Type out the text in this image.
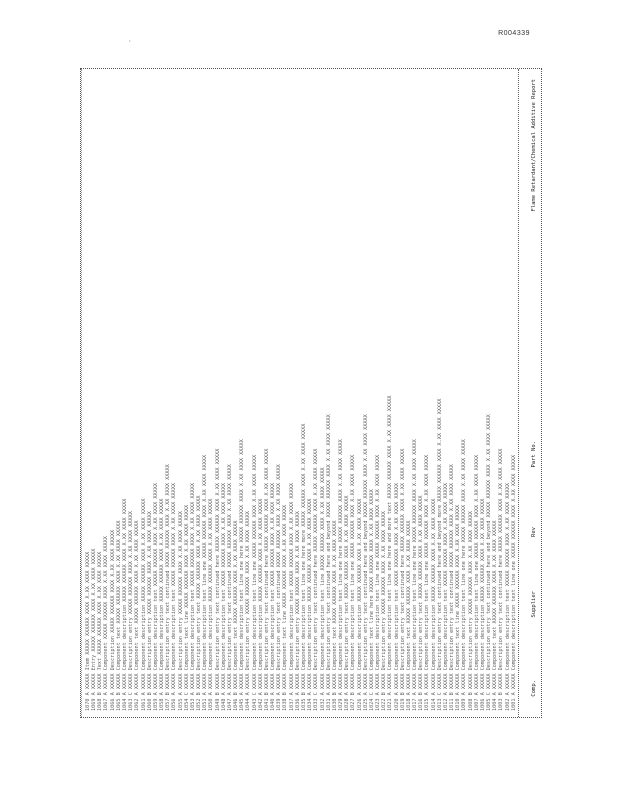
R004339
·
Flame Retardant/Chemical Additive Report
Part No.
Rev
Supplier
Comp.
1001 A XXXXX Component description text line one XXXXX XXXXXX XXXX X.XX XXXX XXXXX
1002 A XXXXX Component description text XXXXX XXXXXX XXXX X.XX XXXX XXXXX
1003 B XXXXX Description entry text continued here XXXXX XXXXXX XXXX X.XX XXXX XXXXX
1004 A XXXXX Component text XXXXX XXXXXX XXXX X.XX XXXX XXXXX
1005 C XXXXX Description entry text continued here and beyond XXXXX XXXXXX XXXX X.XX XXXX XXXXX
1006 A XXXXX Component description XXXXX XXXXXX XXXX X.XX XXXX XXXXX
1007 A XXXXX Component description text line one XXXXX XXXXXX XXXX X.XX XXXX XXXXX
1008 B XXXXX Description entry XXXXX XXXXXX XXXX X.XX XXXX XXXXX
1009 A XXXXX Component description text line one here XXXXX XXXXXX XXXX X.XX XXXX XXXXX
1010 A XXXXX Component text line XXXXX XXXXXX XXXX X.XX XXXX XXXXX
1011 B XXXXX Description entry text continued XXXXX XXXXXX XXXX X.XX XXXX XXXXX
1012 A XXXXX Component description text XXXXX XXXXXX XXXX X.XX XXXX XXXXX
1013 C XXXXX Description entry text continued here and beyond more XXXXX XXXXXX XXXX X.XX XXXX XXXXX
1014 A XXXXX Component description XXXXX XXXXXX XXXX X.XX XXXX XXXXX
1015 A XXXXX Component description text line one XXXXX XXXXXX XXXX X.XX XXXX XXXXX
1016 B XXXXX Description entry text XXXXX XXXXXX XXXX X.XX XXXX XXXXX
1017 A XXXXX Component description text line one here XXXXX XXXXXX XXXX X.XX XXXX XXXXX
1018 A XXXXX Component text XXXXX XXXXXX XXXX X.XX XXXX XXXXX
1019 B XXXXX Description entry text continued here XXXXX XXXXXX XXXX X.XX XXXX XXXXX
1020 A XXXXX Component description text XXXXX XXXXXX XXXX X.XX XXXX XXXXX
1021 A XXXXX Component description text line one here and more text XXXXX XXXXXX XXXX X.XX XXXX XXXXX
1022 B XXXXX Description entry XXXXX XXXXXX XXXX X.XX XXXX XXXXX
1023 A XXXXX Component description text line one XXXXX XXXXXX XXXX X.XX XXXX XXXXX
1024 C XXXXX Component text line here XXXXX XXXXXX XXXX X.XX XXXX XXXXX
1025 A XXXXX Description entry text continued here and beyond XXXXX XXXXXX XXXX X.XX XXXX XXXXX
1026 A XXXXX Component description XXXXX XXXXXX XXXX X.XX XXXX XXXXX
1027 B XXXXX Component description text line one XXXXX XXXXXX XXXX X.XX XXXX XXXXX
1028 A XXXXX Description entry text XXXXX XXXXXX XXXX X.XX XXXX XXXXX
1029 A XXXXX Component description text line one here XXXXX XXXXXX XXXX X.XX XXXX XXXXX
1030 B XXXXX Component text XXXXX XXXXXX XXXX X.XX XXXX XXXXX
1031 A XXXXX Description entry text continued here and beyond XXXXX XXXXXX XXXX X.XX XXXX XXXXX
1032 A XXXXX Component description text line XXXXX XXXXXX XXXX X.XX XXXX XXXXX
1033 C XXXXX Description entry text continued here XXXXX XXXXXX XXXX X.XX XXXX XXXXX
1034 A XXXXX Component description XXXXX XXXXXX XXXX X.XX XXXX XXXXX
1035 B XXXXX Component description text line one here more XXXXX XXXXXX XXXX X.XX XXXX XXXXX
1036 A XXXXX Description entry XXXXX XXXXXX XXXX X.XX XXXX XXXXX
1037 A XXXXX Component description text XXXXX XXXXXX XXXX X.XX XXXX XXXXX
1038 B XXXXX Component text line XXXXX XXXXXX XXXX X.XX XXXX XXXXX
1039 A XXXXX Description entry text continued XXXXX XXXXXX XXXX X.XX XXXX XXXXX
1040 A XXXXX Component description text XXXXX XXXXXX XXXX X.XX XXXX XXXXX
1041 B XXXXX Description entry text continued here XXXXX XXXXXX XXXX X.XX XXXX XXXXX
1042 A XXXXX Component description XXXXX XXXXXX XXXX X.XX XXXX XXXXX
1043 C XXXXX Component description text line one XXXXX XXXXXX XXXX X.XX XXXX XXXXX
1044 A XXXXX Description entry XXXXX XXXXXX XXXX X.XX XXXX XXXXX
1045 A XXXXX Component description text line one here XXXXX XXXXXX XXXX X.XX XXXX XXXXX
1046 B XXXXX Component text XXXXX XXXXXX XXXX X.XX XXXX XXXXX
1047 A XXXXX Description entry text continued XXXXX XXXXXX XXXX X.XX XXXX XXXXX
1048 A XXXXX Component description text XXXXX XXXXXX XXXX X.XX XXXX XXXXX
1049 B XXXXX Description entry text continued here XXXXX XXXXXX XXXX X.XX XXXX XXXXX
1050 A XXXXX Component description XXXXX XXXXXX XXXX X.XX XXXX XXXXX
1051 A XXXXX Component description text line one XXXXX XXXXXX XXXX X.XX XXXX XXXXX
1052 B XXXXX Description entry text XXXXX XXXXXX XXXX X.XX XXXX XXXXX
1053 A XXXXX Component description text XXXXX XXXXXX XXXX X.XX XXXX XXXXX
1054 C XXXXX Component text line XXXXX XXXXXX XXXX X.XX XXXX XXXXX
1055 A XXXXX Description entry XXXXX XXXXXX XXXX X.XX XXXX XXXXX
1056 A XXXXX Component description text XXXXX XXXXXX XXXX X.XX XXXX XXXXX
1057 B XXXXX Description entry text continued XXXXX XXXXXX XXXX X.XX XXXX XXXXX
1058 A XXXXX Component description XXXXX XXXXXX XXXX X.XX XXXX XXXXX
1059 A XXXXX Component description text XXXXX XXXXXX XXXX X.XX XXXX XXXXX
1060 B XXXXX Description entry XXXXX XXXXXX XXXX X.XX XXXX XXXXX
1061 A XXXXX Component description XXXXX XXXXXX XXXX X.XX XXXX XXXXX
1062 A XXXXX Component text XXXXX XXXXXX XXXX X.XX XXXX XXXXX
1063 C XXXXX Description entry XXXXX XXXXXX XXXX X.XX XXXX XXXXX
1064 A XXXXX Component description XXXXX XXXXXX XXXX X.XX XXXX XXXXX
1065 B XXXXX Component text XXXXX XXXXXX XXXX X.XX XXXX XXXXX
1066 A XXXXX Description XXXXX XXXXXX XXXX X.XX XXXX XXXXX
1067 A XXXXX Component XXXXX XXXXXX XXXX X.XX XXXX XXXXX
1068 B XXXXX Text XXXXX XXXXXX XXXX X.XX XXXX XXXXX
1069 A XXXXX Entry XXXXX XXXXXX XXXX X.XX XXXX XXXXX
1070 A XXXXX Item XXXXX XXXXXX XXXX X.XX XXXX XXXXX
